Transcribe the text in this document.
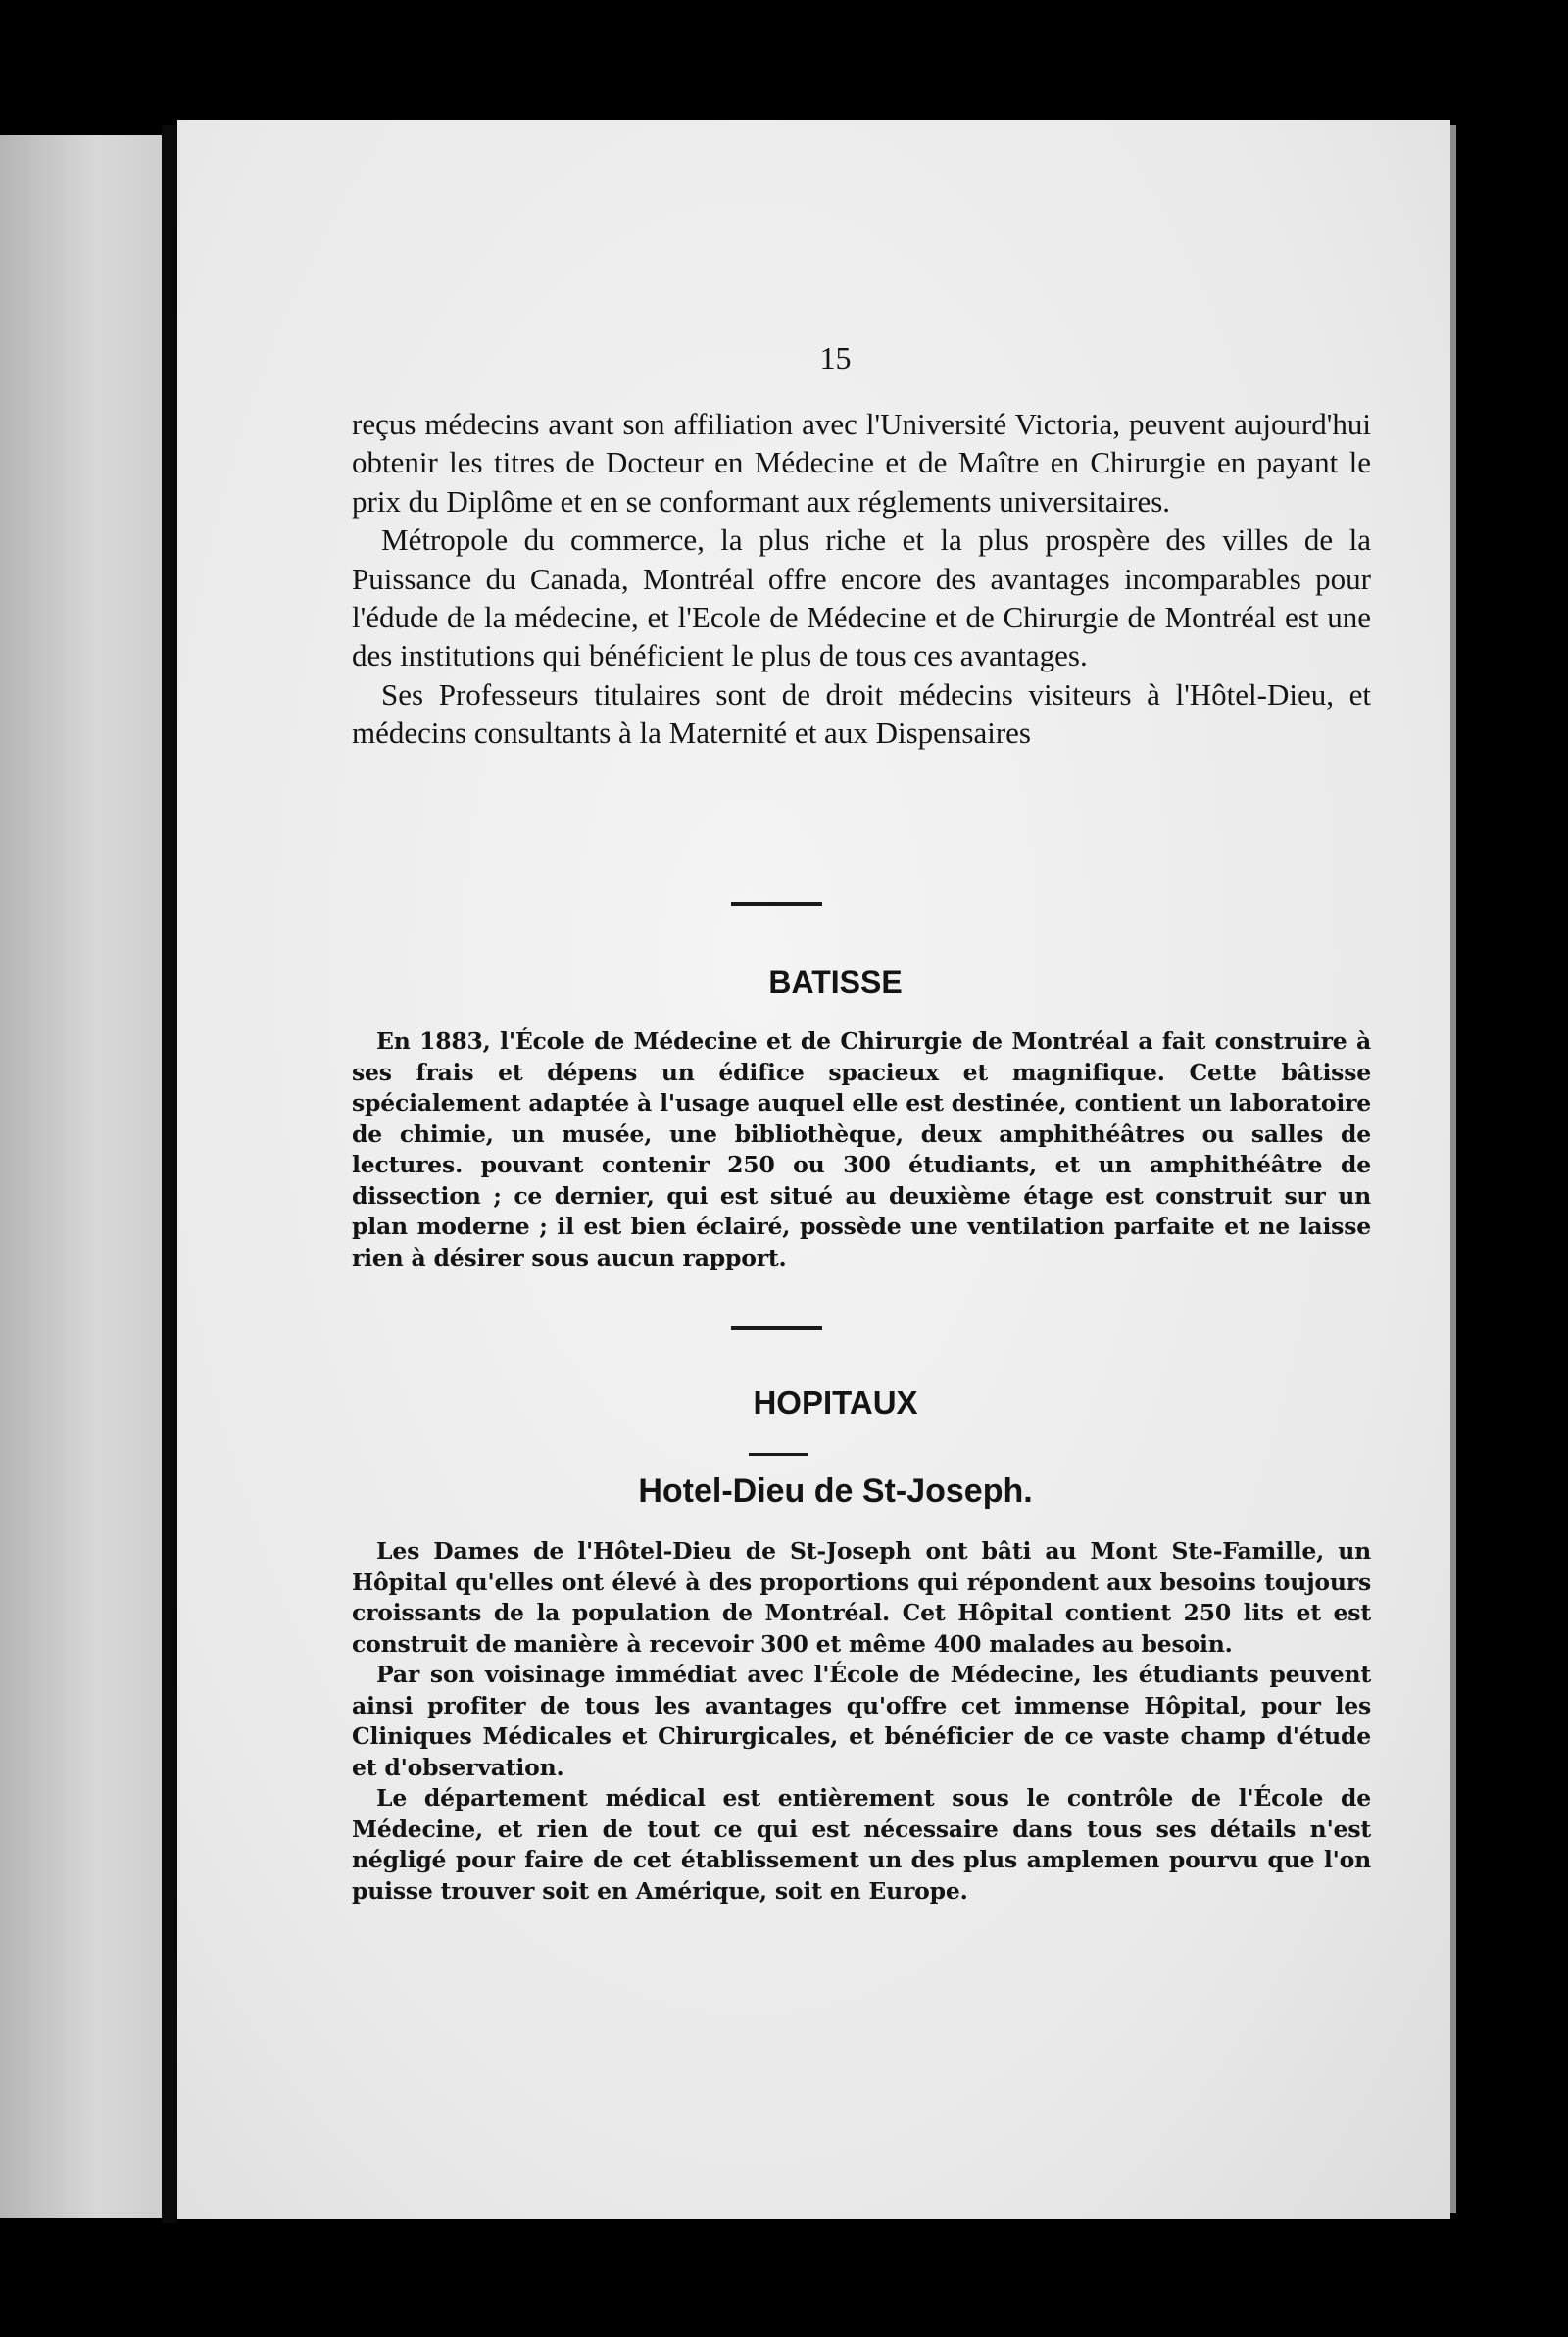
15

reçus médecins avant son affiliation avec l'Université Victoria, peuvent aujourd'hui obtenir les titres de Docteur en Médecine et de Maître en Chirurgie en payant le prix du Diplôme et en se conformant aux réglements universitaires.

Métropole du commerce, la plus riche et la plus prospère des villes de la Puissance du Canada, Montréal offre encore des avantages incomparables pour l'édude de la médecine, et l'Ecole de Médecine et de Chirurgie de Montréal est une des institutions qui bénéficient le plus de tous ces avantages.

Ses Professeurs titulaires sont de droit médecins visiteurs à l'Hôtel-Dieu, et médecins consultants à la Maternité et aux Dispensaires

BATISSE

En 1883, l'École de Médecine et de Chirurgie de Montréal a fait construire à ses frais et dépens un édifice spacieux et magnifique. Cette bâtisse spécialement adaptée à l'usage auquel elle est destinée, contient un laboratoire de chimie, un musée, une bibliothèque, deux amphithéâtres ou salles de lectures. pouvant contenir 250 ou 300 étudiants, et un amphithéâtre de dissection ; ce dernier, qui est situé au deuxième étage est construit sur un plan moderne ; il est bien éclairé, possède une ventilation parfaite et ne laisse rien à désirer sous aucun rapport.

HOPITAUX
Hotel-Dieu de St-Joseph.

Les Dames de l'Hôtel-Dieu de St-Joseph ont bâti au Mont Ste-Famille, un Hôpital qu'elles ont élevé à des proportions qui répondent aux besoins toujours croissants de la population de Montréal. Cet Hôpital contient 250 lits et est construit de manière à recevoir 300 et même 400 malades au besoin.

Par son voisinage immédiat avec l'École de Médecine, les étudiants peuvent ainsi profiter de tous les avantages qu'offre cet immense Hôpital, pour les Cliniques Médicales et Chirurgicales, et bénéficier de ce vaste champ d'étude et d'observation.

Le département médical est entièrement sous le contrôle de l'École de Médecine, et rien de tout ce qui est nécessaire dans tous ses détails n'est négligé pour faire de cet établissement un des plus amplemen pourvu que l'on puisse trouver soit en Amérique, soit en Europe.
